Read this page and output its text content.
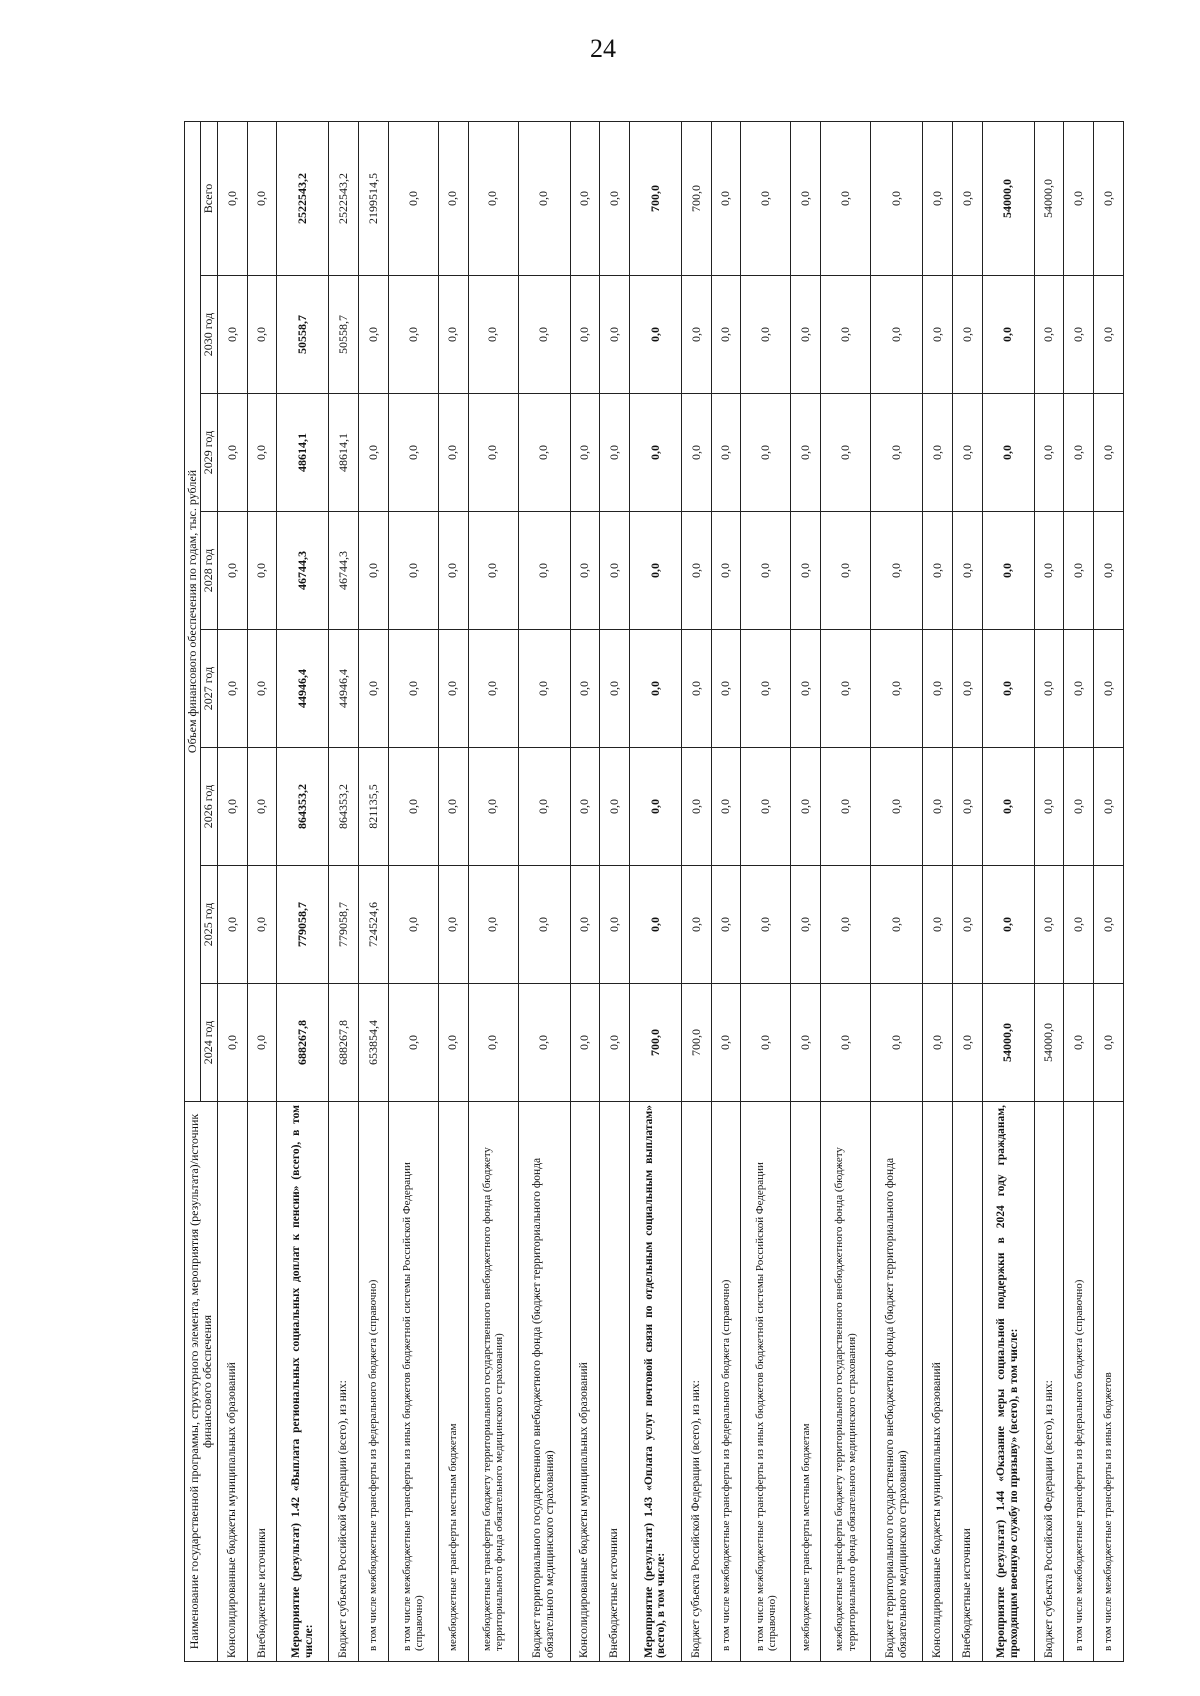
24
Наименование государственной программы, структурного элемента, мероприятия (результата)/источник финансового обеспечения	Объем финансового обеспечения по годам, тыс. рублей							
	2024 год	2025 год	2026 год	2027 год	2028 год	2029 год	2030 год	Всего
Консолидированные бюджеты муниципальных образований	0,0	0,0	0,0	0,0	0,0	0,0	0,0	0,0
Внебюджетные источники	0,0	0,0	0,0	0,0	0,0	0,0	0,0	0,0
Мероприятие (результат) 1.42 «Выплата региональных социальных доплат к пенсии» (всего), в том числе:	688267,8	779058,7	864353,2	44946,4	46744,3	48614,1	50558,7	2522543,2
Бюджет субъекта Российской Федерации (всего), из них:	688267,8	779058,7	864353,2	44946,4	46744,3	48614,1	50558,7	2522543,2
в том числе межбюджетные трансферты из федерального бюджета (справочно)	653854,4	724524,6	821135,5	0,0	0,0	0,0	0,0	2199514,5
в том числе межбюджетные трансферты из иных бюджетов бюджетной системы Российской Федерации (справочно)	0,0	0,0	0,0	0,0	0,0	0,0	0,0	0,0
межбюджетные трансферты местным бюджетам	0,0	0,0	0,0	0,0	0,0	0,0	0,0	0,0
межбюджетные трансферты бюджету территориального государственного внебюджетного фонда (бюджету территориального фонда обязательного медицинского страхования)	0,0	0,0	0,0	0,0	0,0	0,0	0,0	0,0
Бюджет территориального государственного внебюджетного фонда (бюджет территориального фонда обязательного медицинского страхования)	0,0	0,0	0,0	0,0	0,0	0,0	0,0	0,0
Консолидированные бюджеты муниципальных образований	0,0	0,0	0,0	0,0	0,0	0,0	0,0	0,0
Внебюджетные источники	0,0	0,0	0,0	0,0	0,0	0,0	0,0	0,0
Мероприятие (результат) 1.43 «Оплата услуг почтовой связи по отдельным социальным выплатам» (всего), в том числе:	700,0	0,0	0,0	0,0	0,0	0,0	0,0	700,0
Бюджет субъекта Российской Федерации (всего), из них:	700,0	0,0	0,0	0,0	0,0	0,0	0,0	700,0
в том числе межбюджетные трансферты из федерального бюджета (справочно)	0,0	0,0	0,0	0,0	0,0	0,0	0,0	0,0
в том числе межбюджетные трансферты из иных бюджетов бюджетной системы Российской Федерации (справочно)	0,0	0,0	0,0	0,0	0,0	0,0	0,0	0,0
межбюджетные трансферты местным бюджетам	0,0	0,0	0,0	0,0	0,0	0,0	0,0	0,0
межбюджетные трансферты бюджету территориального государственного внебюджетного фонда (бюджету территориального фонда обязательного медицинского страхования)	0,0	0,0	0,0	0,0	0,0	0,0	0,0	0,0
Бюджет территориального государственного внебюджетного фонда (бюджет территориального фонда обязательного медицинского страхования)	0,0	0,0	0,0	0,0	0,0	0,0	0,0	0,0
Консолидированные бюджеты муниципальных образований	0,0	0,0	0,0	0,0	0,0	0,0	0,0	0,0
Внебюджетные источники	0,0	0,0	0,0	0,0	0,0	0,0	0,0	0,0
Мероприятие (результат) 1.44 «Оказание меры социальной поддержки в 2024 году гражданам, проходящим военную службу по призыву» (всего), в том числе:	54000,0	0,0	0,0	0,0	0,0	0,0	0,0	54000,0
Бюджет субъекта Российской Федерации (всего), из них:	54000,0	0,0	0,0	0,0	0,0	0,0	0,0	54000,0
в том числе межбюджетные трансферты из федерального бюджета (справочно)	0,0	0,0	0,0	0,0	0,0	0,0	0,0	0,0
в том числе межбюджетные трансферты из иных бюджетов	0,0	0,0	0,0	0,0	0,0	0,0	0,0	0,0
